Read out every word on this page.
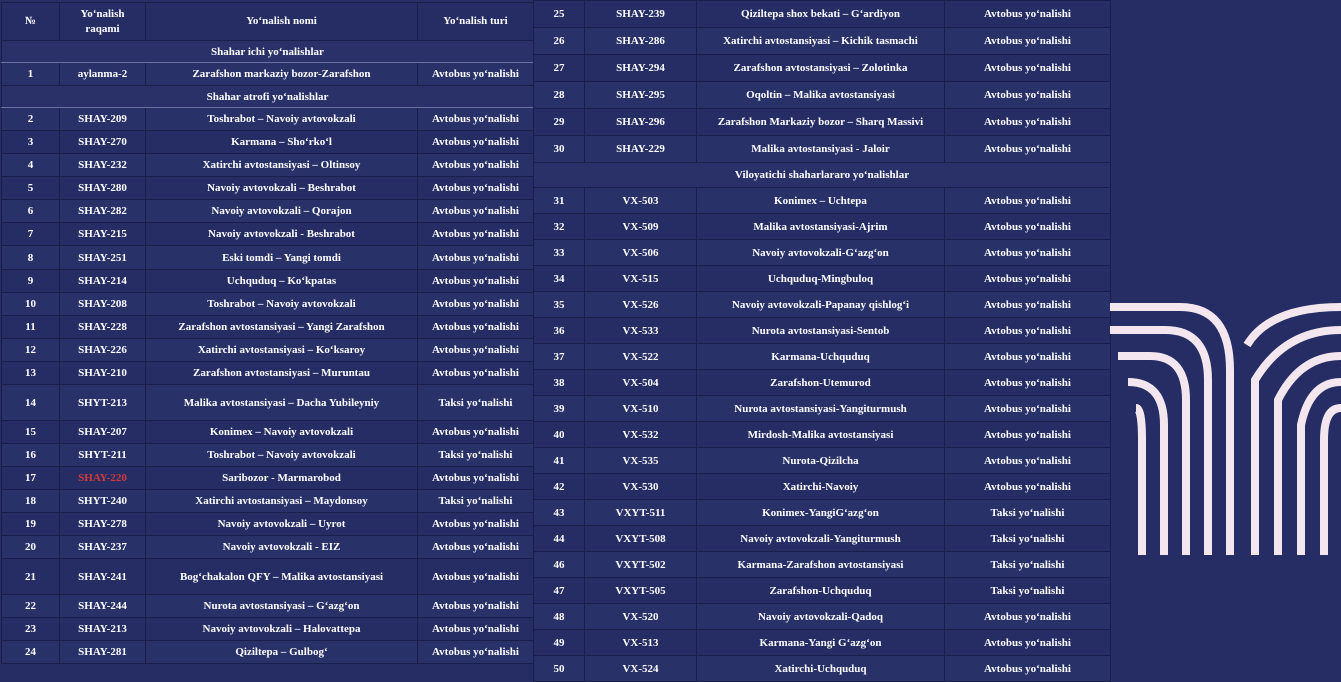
№	Yoʻnalish raqami	Yoʻnalish nomi	Yoʻnalish turi
Shahar ichi yoʻnalishlar			
1	aylanma-2	Zarafshon markaziy bozor-Zarafshon	Avtobus yoʻnalishi
Shahar atrofi yoʻnalishlar			
2	SHAY-209	Toshrabot – Navoiy avtovokzali	Avtobus yoʻnalishi
3	SHAY-270	Karmana – Shoʻrkoʻl	Avtobus yoʻnalishi
4	SHAY-232	Xatirchi avtostansiyasi – Oltinsoy	Avtobus yoʻnalishi
5	SHAY-280	Navoiy avtovokzali – Beshrabot	Avtobus yoʻnalishi
6	SHAY-282	Navoiy avtovokzali – Qorajon	Avtobus yoʻnalishi
7	SHAY-215	Navoiy avtovokzali - Beshrabot	Avtobus yoʻnalishi
8	SHAY-251	Eski tomdi – Yangi tomdi	Avtobus yoʻnalishi
9	SHAY-214	Uchquduq – Koʻkpatas	Avtobus yoʻnalishi
10	SHAY-208	Toshrabot – Navoiy avtovokzali	Avtobus yoʻnalishi
11	SHAY-228	Zarafshon avtostansiyasi – Yangi Zarafshon	Avtobus yoʻnalishi
12	SHAY-226	Xatirchi avtostansiyasi – Koʻksaroy	Avtobus yoʻnalishi
13	SHAY-210	Zarafshon avtostansiyasi – Muruntau	Avtobus yoʻnalishi
14	SHYT-213	Malika avtostansiyasi – Dacha Yubileyniy	Taksi yoʻnalishi
15	SHAY-207	Konimex – Navoiy avtovokzali	Avtobus yoʻnalishi
16	SHYT-211	Toshrabot – Navoiy avtovokzali	Taksi yoʻnalishi
17	SHAY-220	Saribozor - Marmarobod	Avtobus yoʻnalishi
18	SHYT-240	Xatirchi avtostansiyasi – Maydonsoy	Taksi yoʻnalishi
19	SHAY-278	Navoiy avtovokzali – Uyrot	Avtobus yoʻnalishi
20	SHAY-237	Navoiy avtovokzali - EIZ	Avtobus yoʻnalishi
21	SHAY-241	Bogʻchakalon QFY – Malika avtostansiyasi	Avtobus yoʻnalishi
22	SHAY-244	Nurota avtostansiyasi – Gʻazgʻon	Avtobus yoʻnalishi
23	SHAY-213	Navoiy avtovokzali – Halovattepa	Avtobus yoʻnalishi
24	SHAY-281	Qiziltepa – Gulbogʻ	Avtobus yoʻnalishi
25	SHAY-239	Qiziltepa shox bekati – Gʻardiyon	Avtobus yoʻnalishi
26	SHAY-286	Xatirchi avtostansiyasi – Kichik tasmachi	Avtobus yoʻnalishi
27	SHAY-294	Zarafshon avtostansiyasi – Zolotinka	Avtobus yoʻnalishi
28	SHAY-295	Oqoltin – Malika avtostansiyasi	Avtobus yoʻnalishi
29	SHAY-296	Zarafshon Markaziy bozor – Sharq Massivi	Avtobus yoʻnalishi
30	SHAY-229	Malika avtostansiyasi - Jaloir	Avtobus yoʻnalishi
Viloyatichi shaharlararo yoʻnalishlar			
31	VX-503	Konimex – Uchtepa	Avtobus yoʻnalishi
32	VX-509	Malika avtostansiyasi-Ajrim	Avtobus yoʻnalishi
33	VX-506	Navoiy avtovokzali-Gʻazgʻon	Avtobus yoʻnalishi
34	VX-515	Uchquduq-Mingbuloq	Avtobus yoʻnalishi
35	VX-526	Navoiy avtovokzali-Papanay qishlogʻi	Avtobus yoʻnalishi
36	VX-533	Nurota avtostansiyasi-Sentob	Avtobus yoʻnalishi
37	VX-522	Karmana-Uchquduq	Avtobus yoʻnalishi
38	VX-504	Zarafshon-Utemurod	Avtobus yoʻnalishi
39	VX-510	Nurota avtostansiyasi-Yangiturmush	Avtobus yoʻnalishi
40	VX-532	Mirdosh-Malika avtostansiyasi	Avtobus yoʻnalishi
41	VX-535	Nurota-Qizilcha	Avtobus yoʻnalishi
42	VX-530	Xatirchi-Navoiy	Avtobus yoʻnalishi
43	VXYT-511	Konimex-YangiGʻazgʻon	Taksi yoʻnalishi
44	VXYT-508	Navoiy avtovokzali-Yangiturmush	Taksi yoʻnalishi
46	VXYT-502	Karmana-Zarafshon avtostansiyasi	Taksi yoʻnalishi
47	VXYT-505	Zarafshon-Uchquduq	Taksi yoʻnalishi
48	VX-520	Navoiy avtovokzali-Qadoq	Avtobus yoʻnalishi
49	VX-513	Karmana-Yangi Gʻazgʻon	Avtobus yoʻnalishi
50	VX-524	Xatirchi-Uchquduq	Avtobus yoʻnalishi
